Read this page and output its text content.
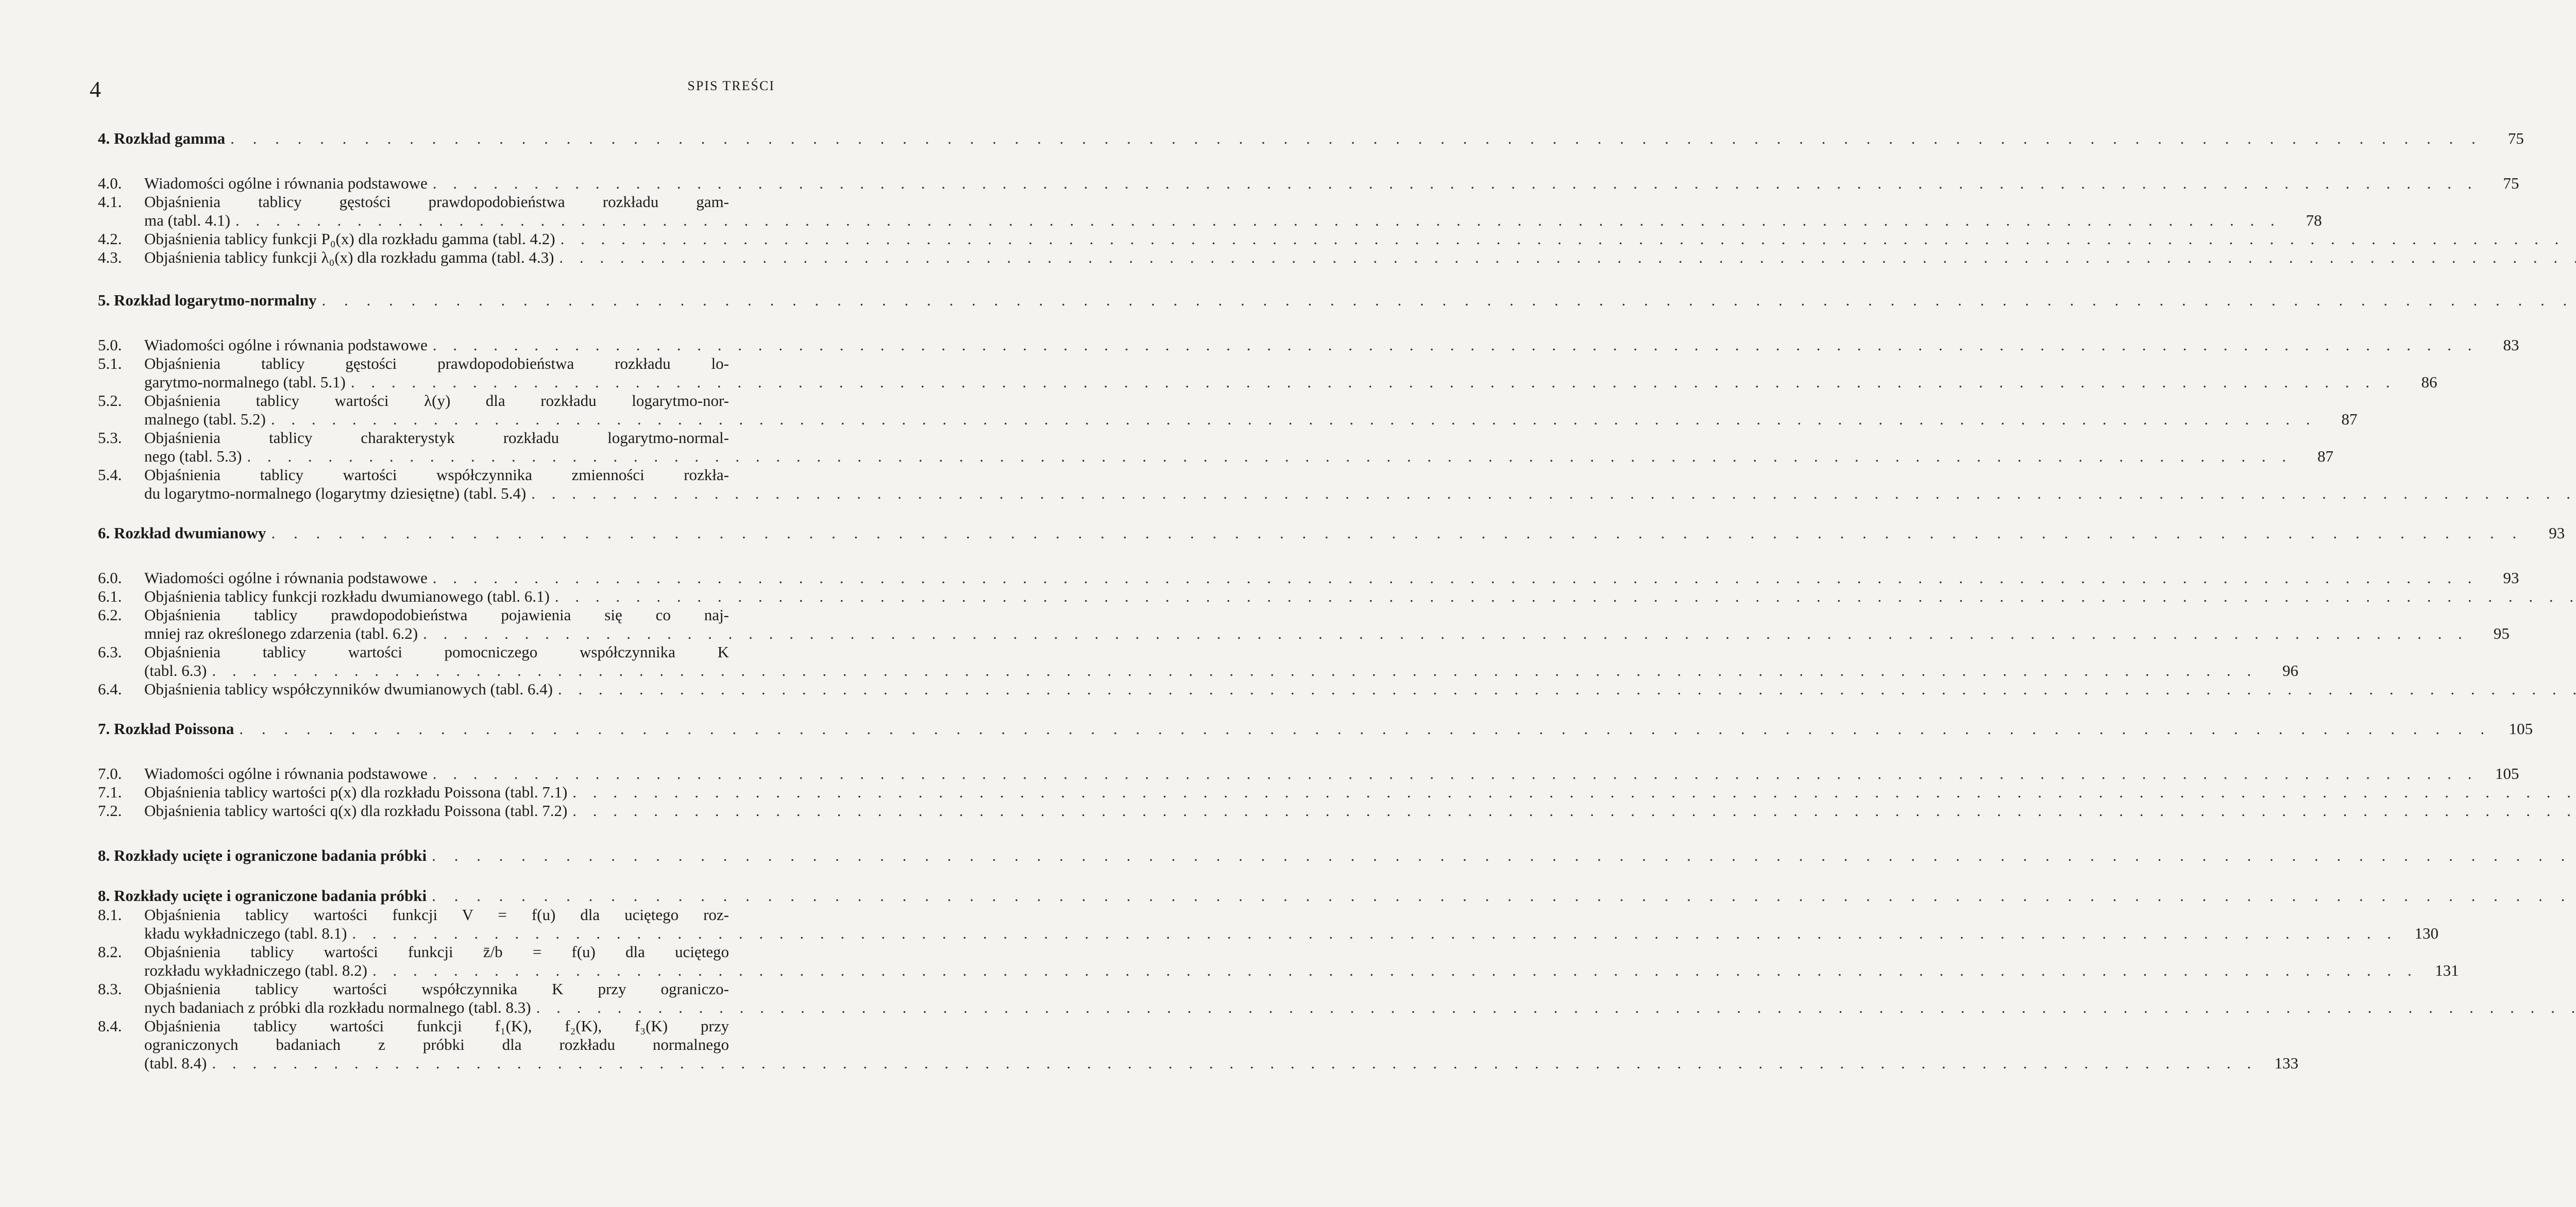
4	SPIS TREŚCI
4. Rozkład gamma . . .	75
4.0.	Wiadomości ogólne i równania podstawowe . . .	75
4.1.	Objaśnienia tablicy gęstości prawdopodobieństwa rozkładu gam-
ma (tabl. 4.1) . . .	78
4.2.	Objaśnienia tablicy funkcji P₀(x) dla rozkładu gamma (tabl. 4.2)
. . .
4.3.	Objaśnienia tablicy funkcji λ₀(x) dla rozkładu gamma (tabl. 4.3)
. . .
5. Rozkład logarytmo-normalny
. . .
5.0.	Wiadomości ogólne i równania podstawowe . . .	83
5.1.	Objaśnienia tablicy gęstości prawdopodobieństwa rozkładu lo-
garytmo-normalnego (tabl. 5.1) . . .	86
5.2.	Objaśnienia tablicy wartości λ(y) dla rozkładu logarytmo-nor-
malnego (tabl. 5.2) . . .	87
5.3.	Objaśnienia tablicy charakterystyk rozkładu logarytmo-normal-
nego (tabl. 5.3) . . .	87
5.4.	Objaśnienia tablicy wartości współczynnika zmienności rozkła-
du logarytmo-normalnego (logarytmy dziesiętne) (tabl. 5.4)
. . .
6. Rozkład dwumianowy . . .	93
6.0.	Wiadomości ogólne i równania podstawowe . . .	93
6.1.	Objaśnienia tablicy funkcji rozkładu dwumianowego (tabl. 6.1)
. . .
6.2.	Objaśnienia tablicy prawdopodobieństwa pojawienia się co naj-
mniej raz określonego zdarzenia (tabl. 6.2) . . .	95
6.3.	Objaśnienia tablicy wartości pomocniczego współczynnika K
(tabl. 6.3) . . .	96
6.4.	Objaśnienia tablicy współczynników dwumianowych (tabl. 6.4)
. . .
7. Rozkład Poissona . . .	105
7.0.	Wiadomości ogólne i równania podstawowe . . .	105
7.1.	Objaśnienia tablicy wartości p(x) dla rozkładu Poissona (tabl. 7.1)
. . .
7.2.	Objaśnienia tablicy wartości q(x) dla rozkładu Poissona (tabl. 7.2)
. . .
8. Rozkłady ucięte i ograniczone badania próbki
. . .
8. Rozkłady ucięte i ograniczone badania próbki
. . .
8.1.	Objaśnienia tablicy wartości funkcji V = f(u) dla uciętego roz-
kładu wykładniczego (tabl. 8.1) . . .	130
8.2.	Objaśnienia tablicy wartości funkcji z̄/b = f(u) dla uciętego
rozkładu wykładniczego (tabl. 8.2) . . .	131
8.3.	Objaśnienia tablicy wartości współczynnika K przy ograniczo-
nych badaniach z próbki dla rozkładu normalnego (tabl. 8.3)
. . .
8.4.	Objaśnienia tablicy wartości funkcji f₁(K), f₂(K), f₃(K) przy
ograniczonych badaniach z próbki dla rozkładu normalnego
(tabl. 8.4) . . .	133
